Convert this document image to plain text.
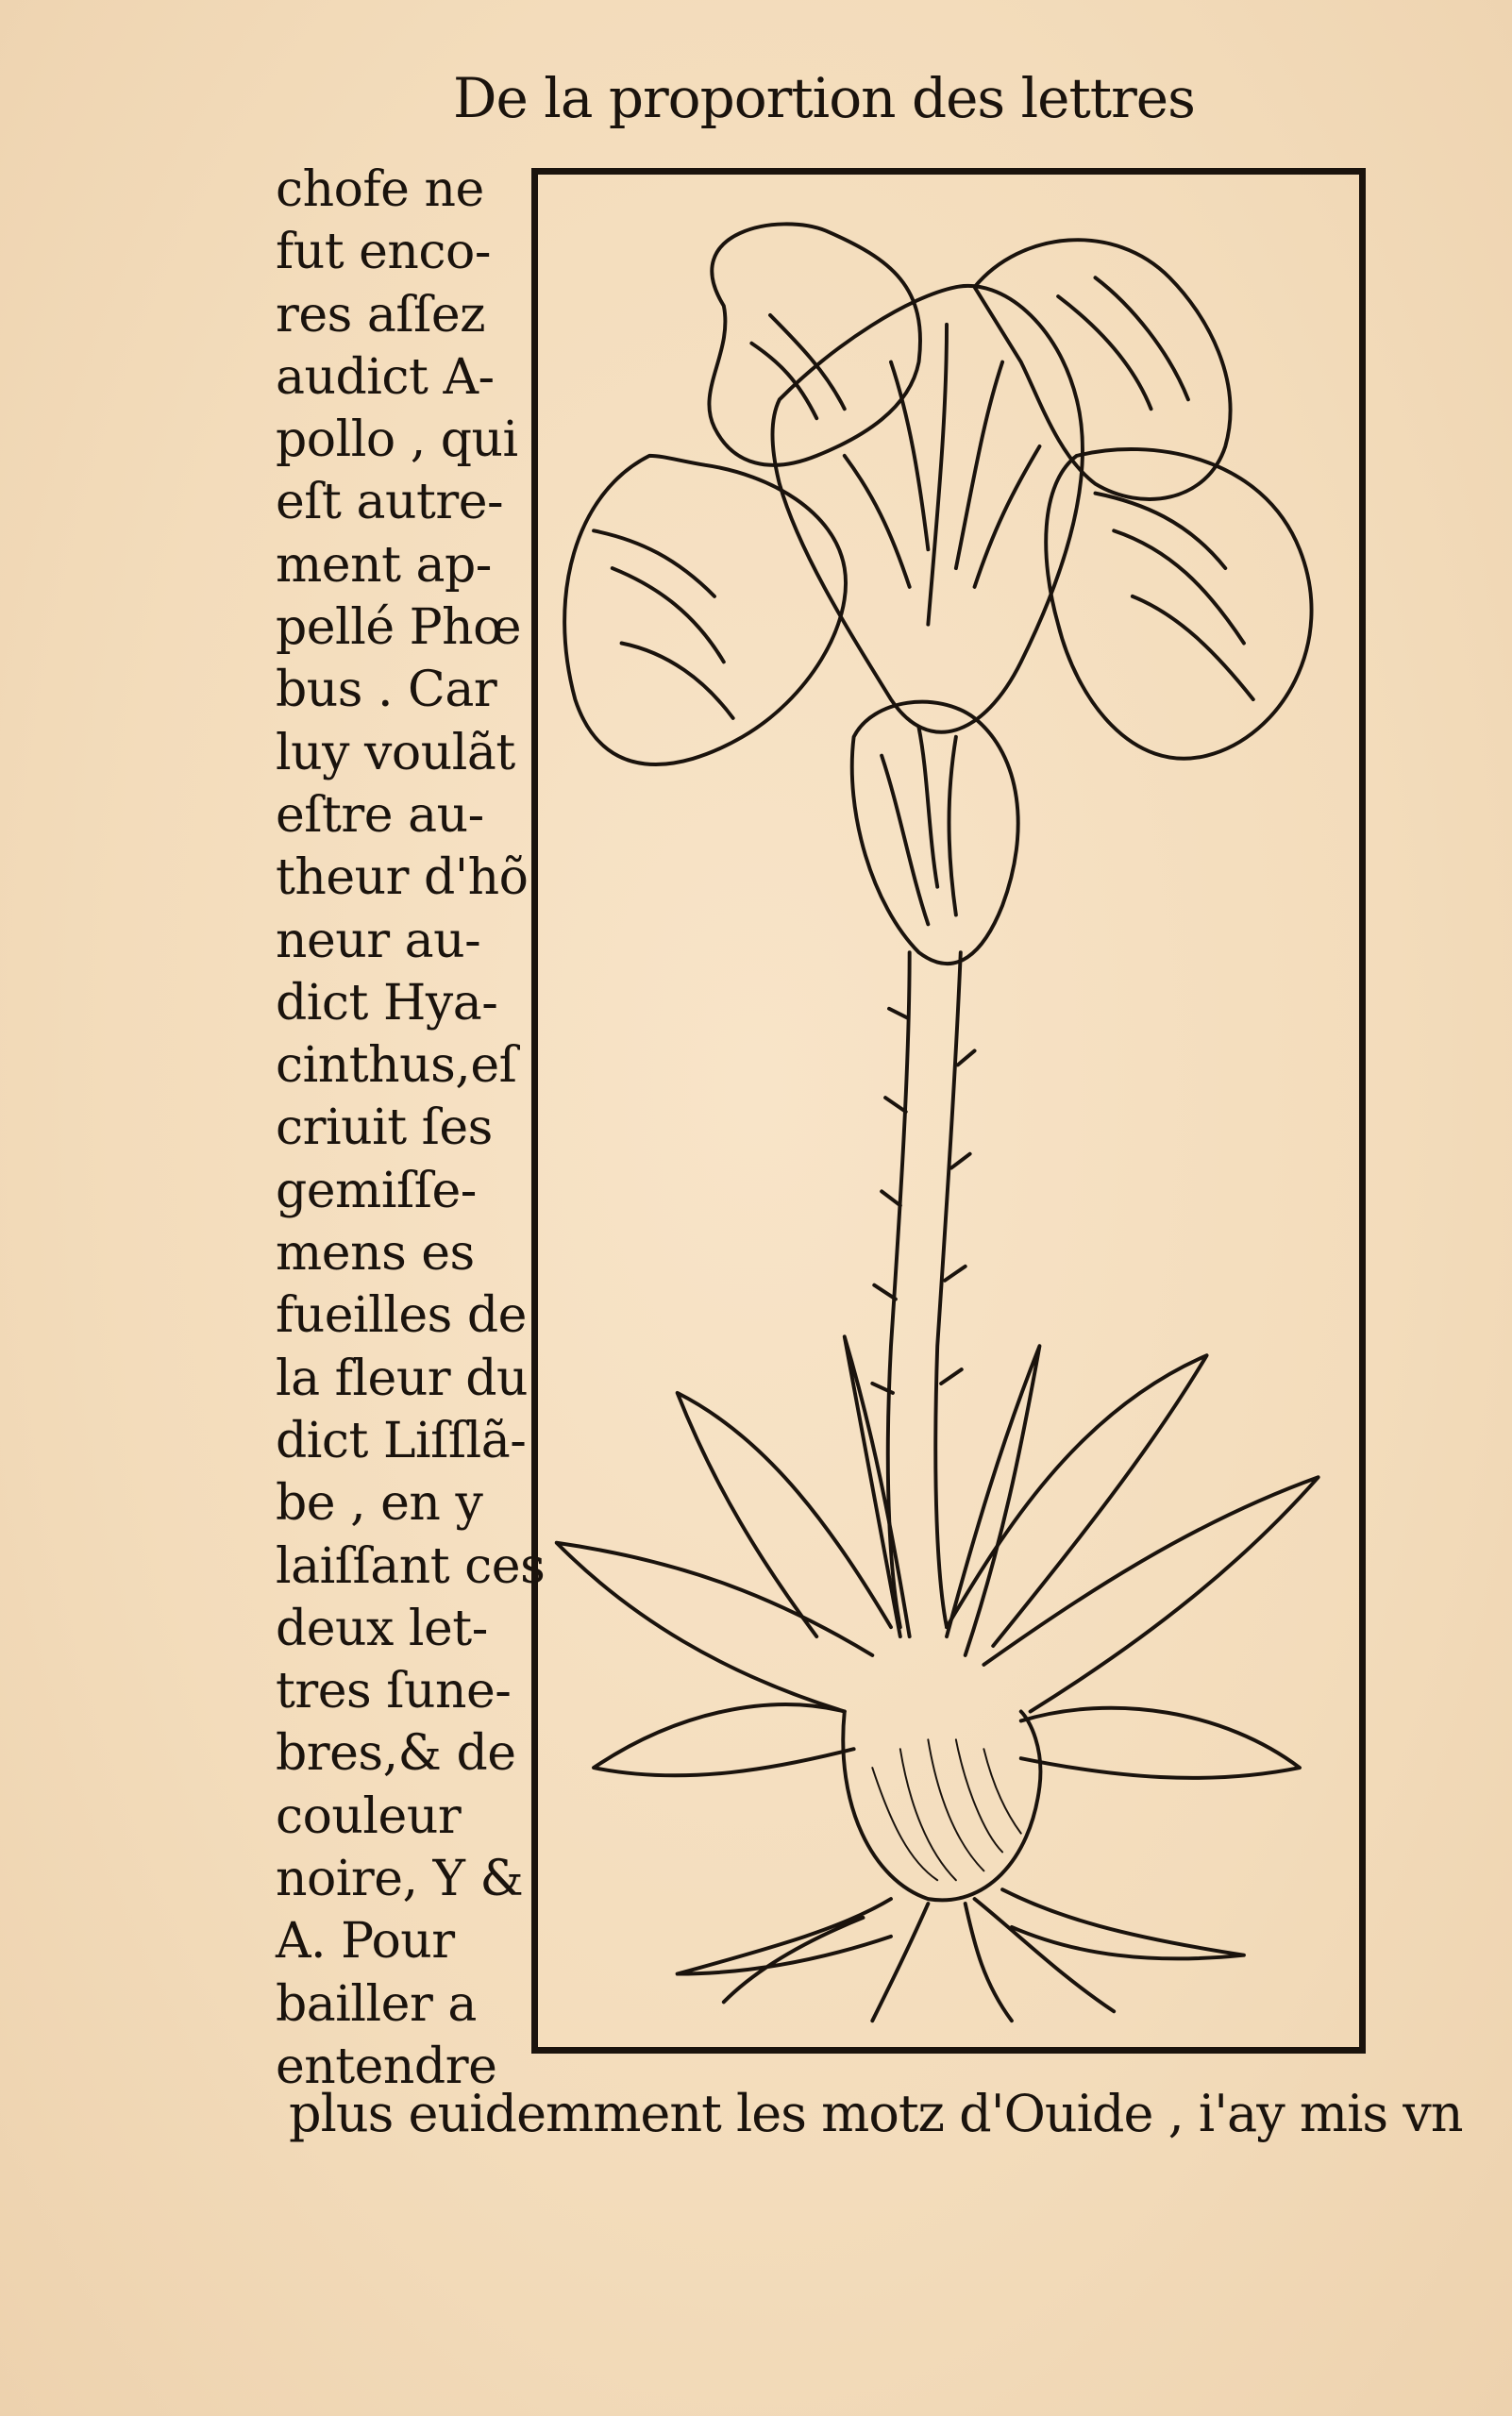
De la proportion des lettres
chofe ne
fut enco-
res aſſez
audict A-
pollo , qui
eſt autre-
ment ap-
pellé Phœ
bus . Car
luy voulãt
eſtre au-
theur d'hõ
neur au-
dict Hya-
cinthus,eſ
criuit ſes
gemiſſe-
mens es
fueilles de
la fleur du
dict Liſſlã-
be , en y
laiſſant ces
deux let-
tres ſune-
bres,& de
couleur
noire, Y &
A. Pour
bailler a
entendre
plus euidemment les motz d'Ouide , i'ay mis vn
